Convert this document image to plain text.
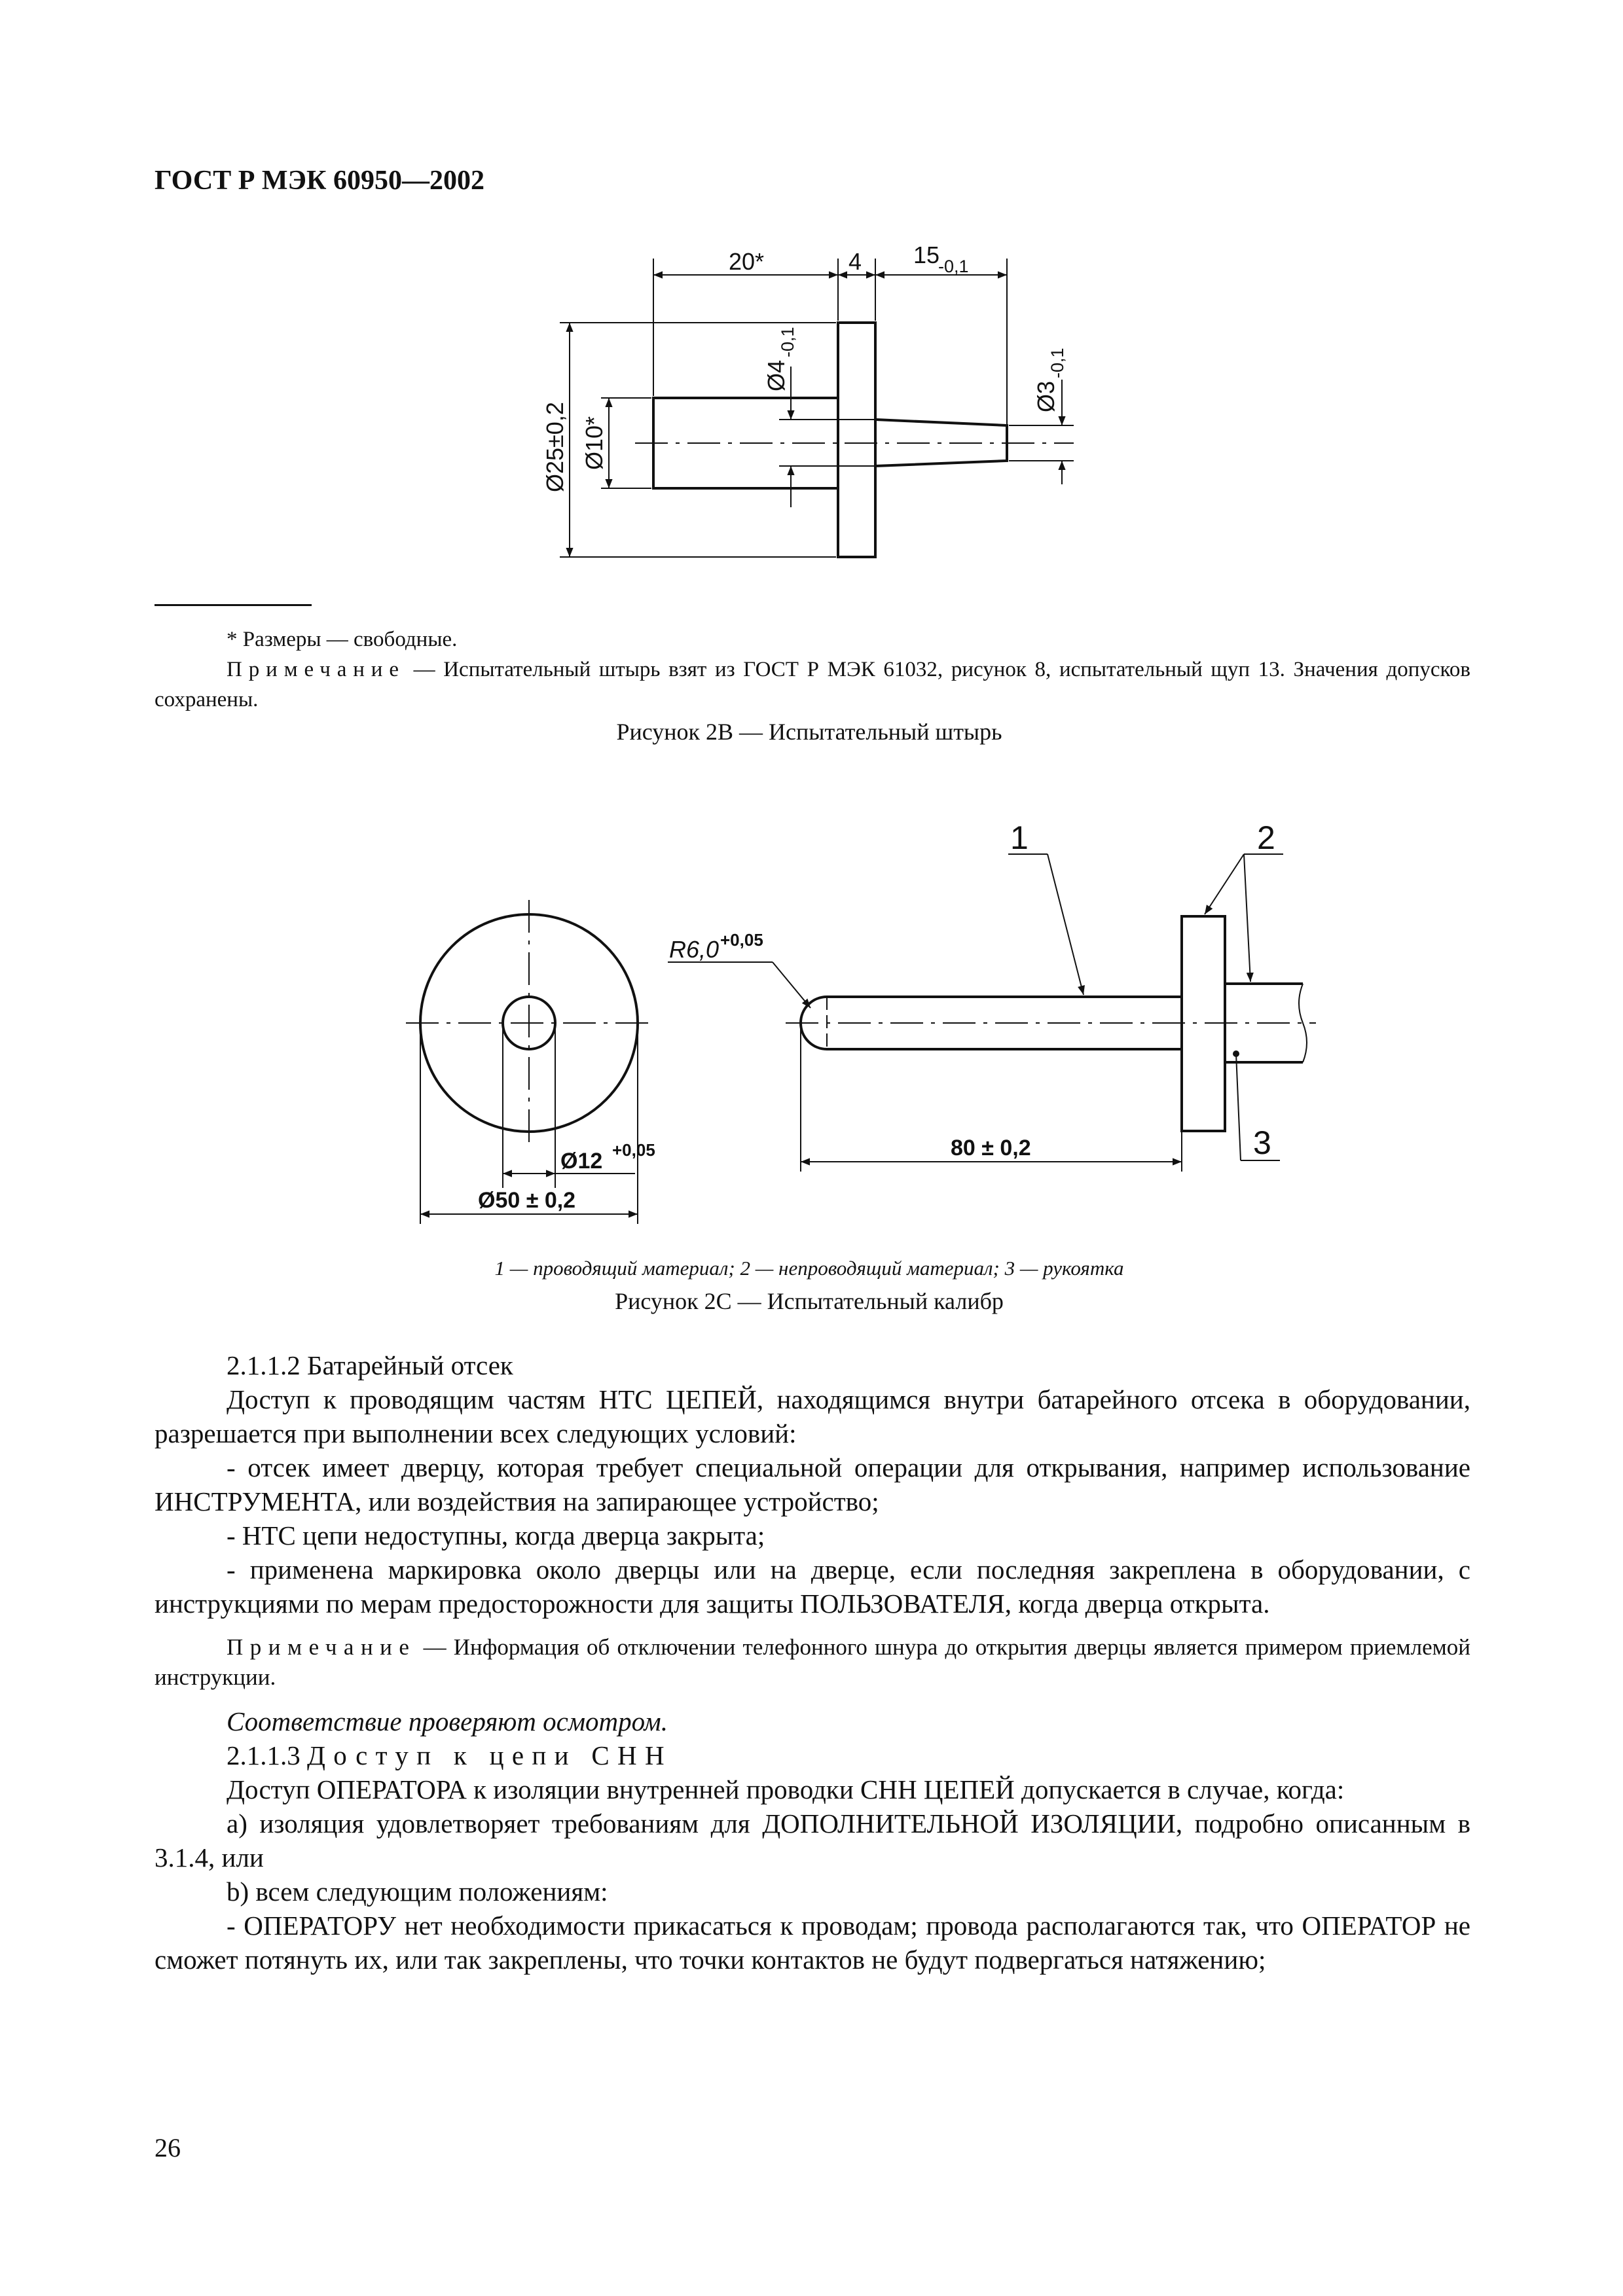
ГОСТ Р МЭК 60950—2002
20*	4 15
-0,1
Ø4
-0,1
Ø3
-0,1
Ø25±0,2 Ø10*
1	2
3
R6,0 +0,05
Ø12 +0,05
Ø50 ± 0,2
80 ± 0,2
* Размеры — свободные.
Примечание — Испытательный штырь взят из ГОСТ Р МЭК 61032, рисунок 8, испытательный щуп 13. Значения допусков сохранены.
Рисунок 2B — Испытательный штырь
1 — проводящий материал; 2 — непроводящий материал; 3 — рукоятка
Рисунок 2С — Испытательный калибр

2.1.1.2 Батарейный отсек

Доступ к проводящим частям НТС ЦЕПЕЙ, находящимся внутри батарейного отсека в оборудовании, разрешается при выполнении всех следующих условий:

- отсек имеет дверцу, которая требует специальной операции для открывания, например использование ИНСТРУМЕНТА, или воздействия на запирающее устройство;

- НТС цепи недоступны, когда дверца закрыта;

- применена маркировка около дверцы или на дверце, если последняя закреплена в оборудовании, с инструкциями по мерам предосторожности для защиты ПОЛЬЗОВАТЕЛЯ, когда дверца открыта.

Примечание — Информация об отключении телефонного шнура до открытия дверцы является примером приемлемой инструкции.

Соответствие проверяют осмотром.

2.1.1.3 Доступ к цепи СНН

Доступ ОПЕРАТОРА к изоляции внутренней проводки СНН ЦЕПЕЙ допускается в случае, когда:

а) изоляция удовлетворяет требованиям для ДОПОЛНИТЕЛЬНОЙ ИЗОЛЯЦИИ, подробно описанным в 3.1.4, или

b) всем следующим положениям:

- ОПЕРАТОРУ нет необходимости прикасаться к проводам; провода располагаются так, что ОПЕРАТОР не сможет потянуть их, или так закреплены, что точки контактов не будут подвергаться натяжению;

26
